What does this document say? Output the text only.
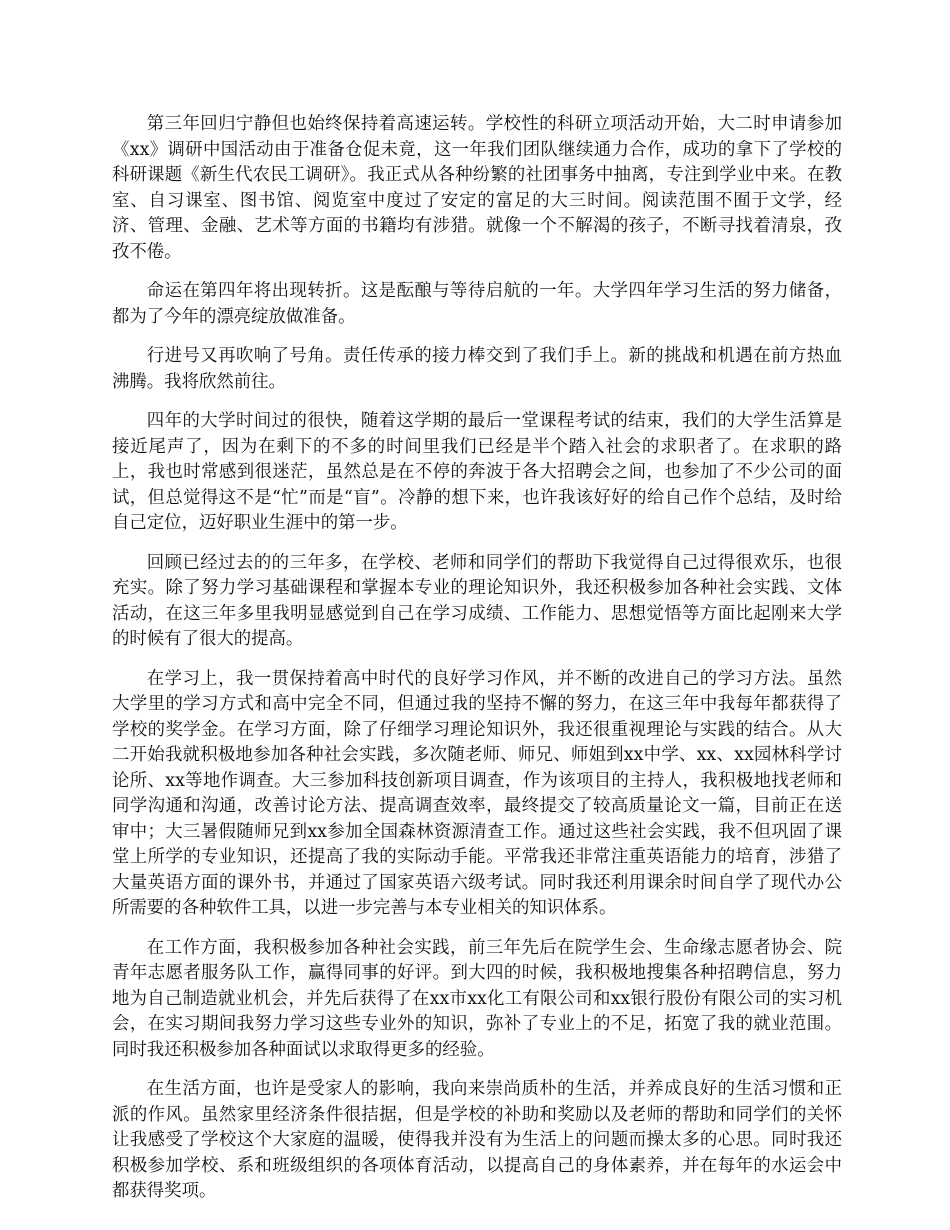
第三年回归宁静但也始终保持着高速运转。学校性的科研立项活动开始，大二时申请参加《xx》调研中国活动由于准备仓促未竟，这一年我们团队继续通力合作，成功的拿下了学校的科研课题《新生代农民工调研》。我正式从各种纷繁的社团事务中抽离，专注到学业中来。在教室、自习课室、图书馆、阅览室中度过了安定的富足的大三时间。阅读范围不囿于文学，经济、管理、金融、艺术等方面的书籍均有涉猎。就像一个不解渴的孩子，不断寻找着清泉，孜孜不倦。

命运在第四年将出现转折。这是酝酿与等待启航的一年。大学四年学习生活的努力储备，都为了今年的漂亮绽放做准备。

行进号又再吹响了号角。责任传承的接力棒交到了我们手上。新的挑战和机遇在前方热血沸腾。我将欣然前往。

四年的大学时间过的很快，随着这学期的最后一堂课程考试的结束，我们的大学生活算是接近尾声了，因为在剩下的不多的时间里我们已经是半个踏入社会的求职者了。在求职的路上，我也时常感到很迷茫，虽然总是在不停的奔波于各大招聘会之间，也参加了不少公司的面试，但总觉得这不是“忙”而是“盲”。冷静的想下来，也许我该好好的给自己作个总结，及时给自己定位，迈好职业生涯中的第一步。

回顾已经过去的的三年多，在学校、老师和同学们的帮助下我觉得自己过得很欢乐，也很充实。除了努力学习基础课程和掌握本专业的理论知识外，我还积极参加各种社会实践、文体活动，在这三年多里我明显感觉到自己在学习成绩、工作能力、思想觉悟等方面比起刚来大学的时候有了很大的提高。

在学习上，我一贯保持着高中时代的良好学习作风，并不断的改进自己的学习方法。虽然大学里的学习方式和高中完全不同，但通过我的坚持不懈的努力，在这三年中我每年都获得了学校的奖学金。在学习方面，除了仔细学习理论知识外，我还很重视理论与实践的结合。从大二开始我就积极地参加各种社会实践，多次随老师、师兄、师姐到xx中学、xx、xx园林科学讨论所、xx等地作调查。大三参加科技创新项目调查，作为该项目的主持人，我积极地找老师和同学沟通和沟通，改善讨论方法、提高调查效率，最终提交了较高质量论文一篇，目前正在送审中；大三暑假随师兄到xx参加全国森林资源清查工作。通过这些社会实践，我不但巩固了课堂上所学的专业知识，还提高了我的实际动手能。平常我还非常注重英语能力的培育，涉猎了大量英语方面的课外书，并通过了国家英语六级考试。同时我还利用课余时间自学了现代办公所需要的各种软件工具，以进一步完善与本专业相关的知识体系。

在工作方面，我积极参加各种社会实践，前三年先后在院学生会、生命缘志愿者协会、院青年志愿者服务队工作，赢得同事的好评。到大四的时候，我积极地搜集各种招聘信息，努力地为自己制造就业机会，并先后获得了在xx市xx化工有限公司和xx银行股份有限公司的实习机会，在实习期间我努力学习这些专业外的知识，弥补了专业上的不足，拓宽了我的就业范围。同时我还积极参加各种面试以求取得更多的经验。

在生活方面，也许是受家人的影响，我向来崇尚质朴的生活，并养成良好的生活习惯和正派的作风。虽然家里经济条件很拮据，但是学校的补助和奖励以及老师的帮助和同学们的关怀让我感受了学校这个大家庭的温暖，使得我并没有为生活上的问题而操太多的心思。同时我还积极参加学校、系和班级组织的各项体育活动，以提高自己的身体素养，并在每年的水运会中都获得奖项。
